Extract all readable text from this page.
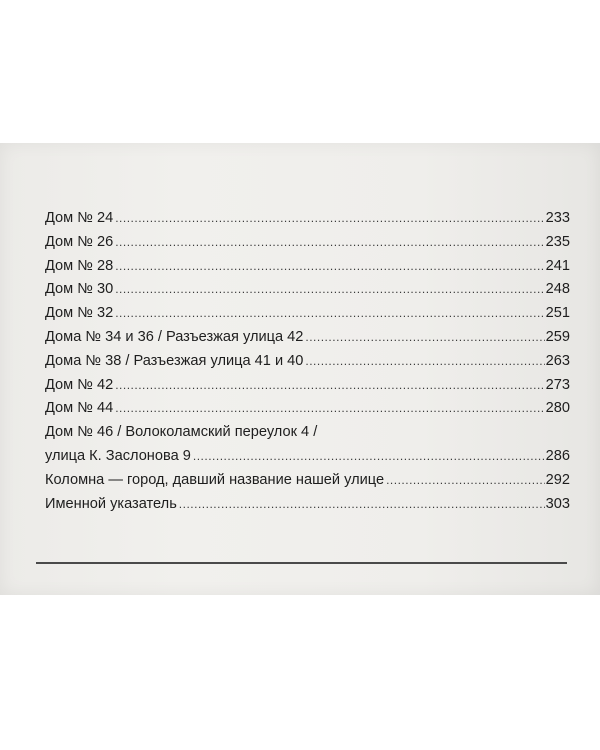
Дом № 24 .....	233
Дом № 26 .....	235
Дом № 28 .....	241
Дом № 30 .....	248
Дом № 32 .....	251
Дома № 34 и 36 / Разъезжая улица 42 .....	259
Дома № 38 / Разъезжая улица 41 и 40 .....	263
Дом № 42 .....	273
Дом № 44 .....	280
Дом № 46 / Волоколамский переулок 4 /
улица К. Заслонова 9 .....	286
Коломна — город, давший название нашей улице .....	292
Именной указатель .....	303
